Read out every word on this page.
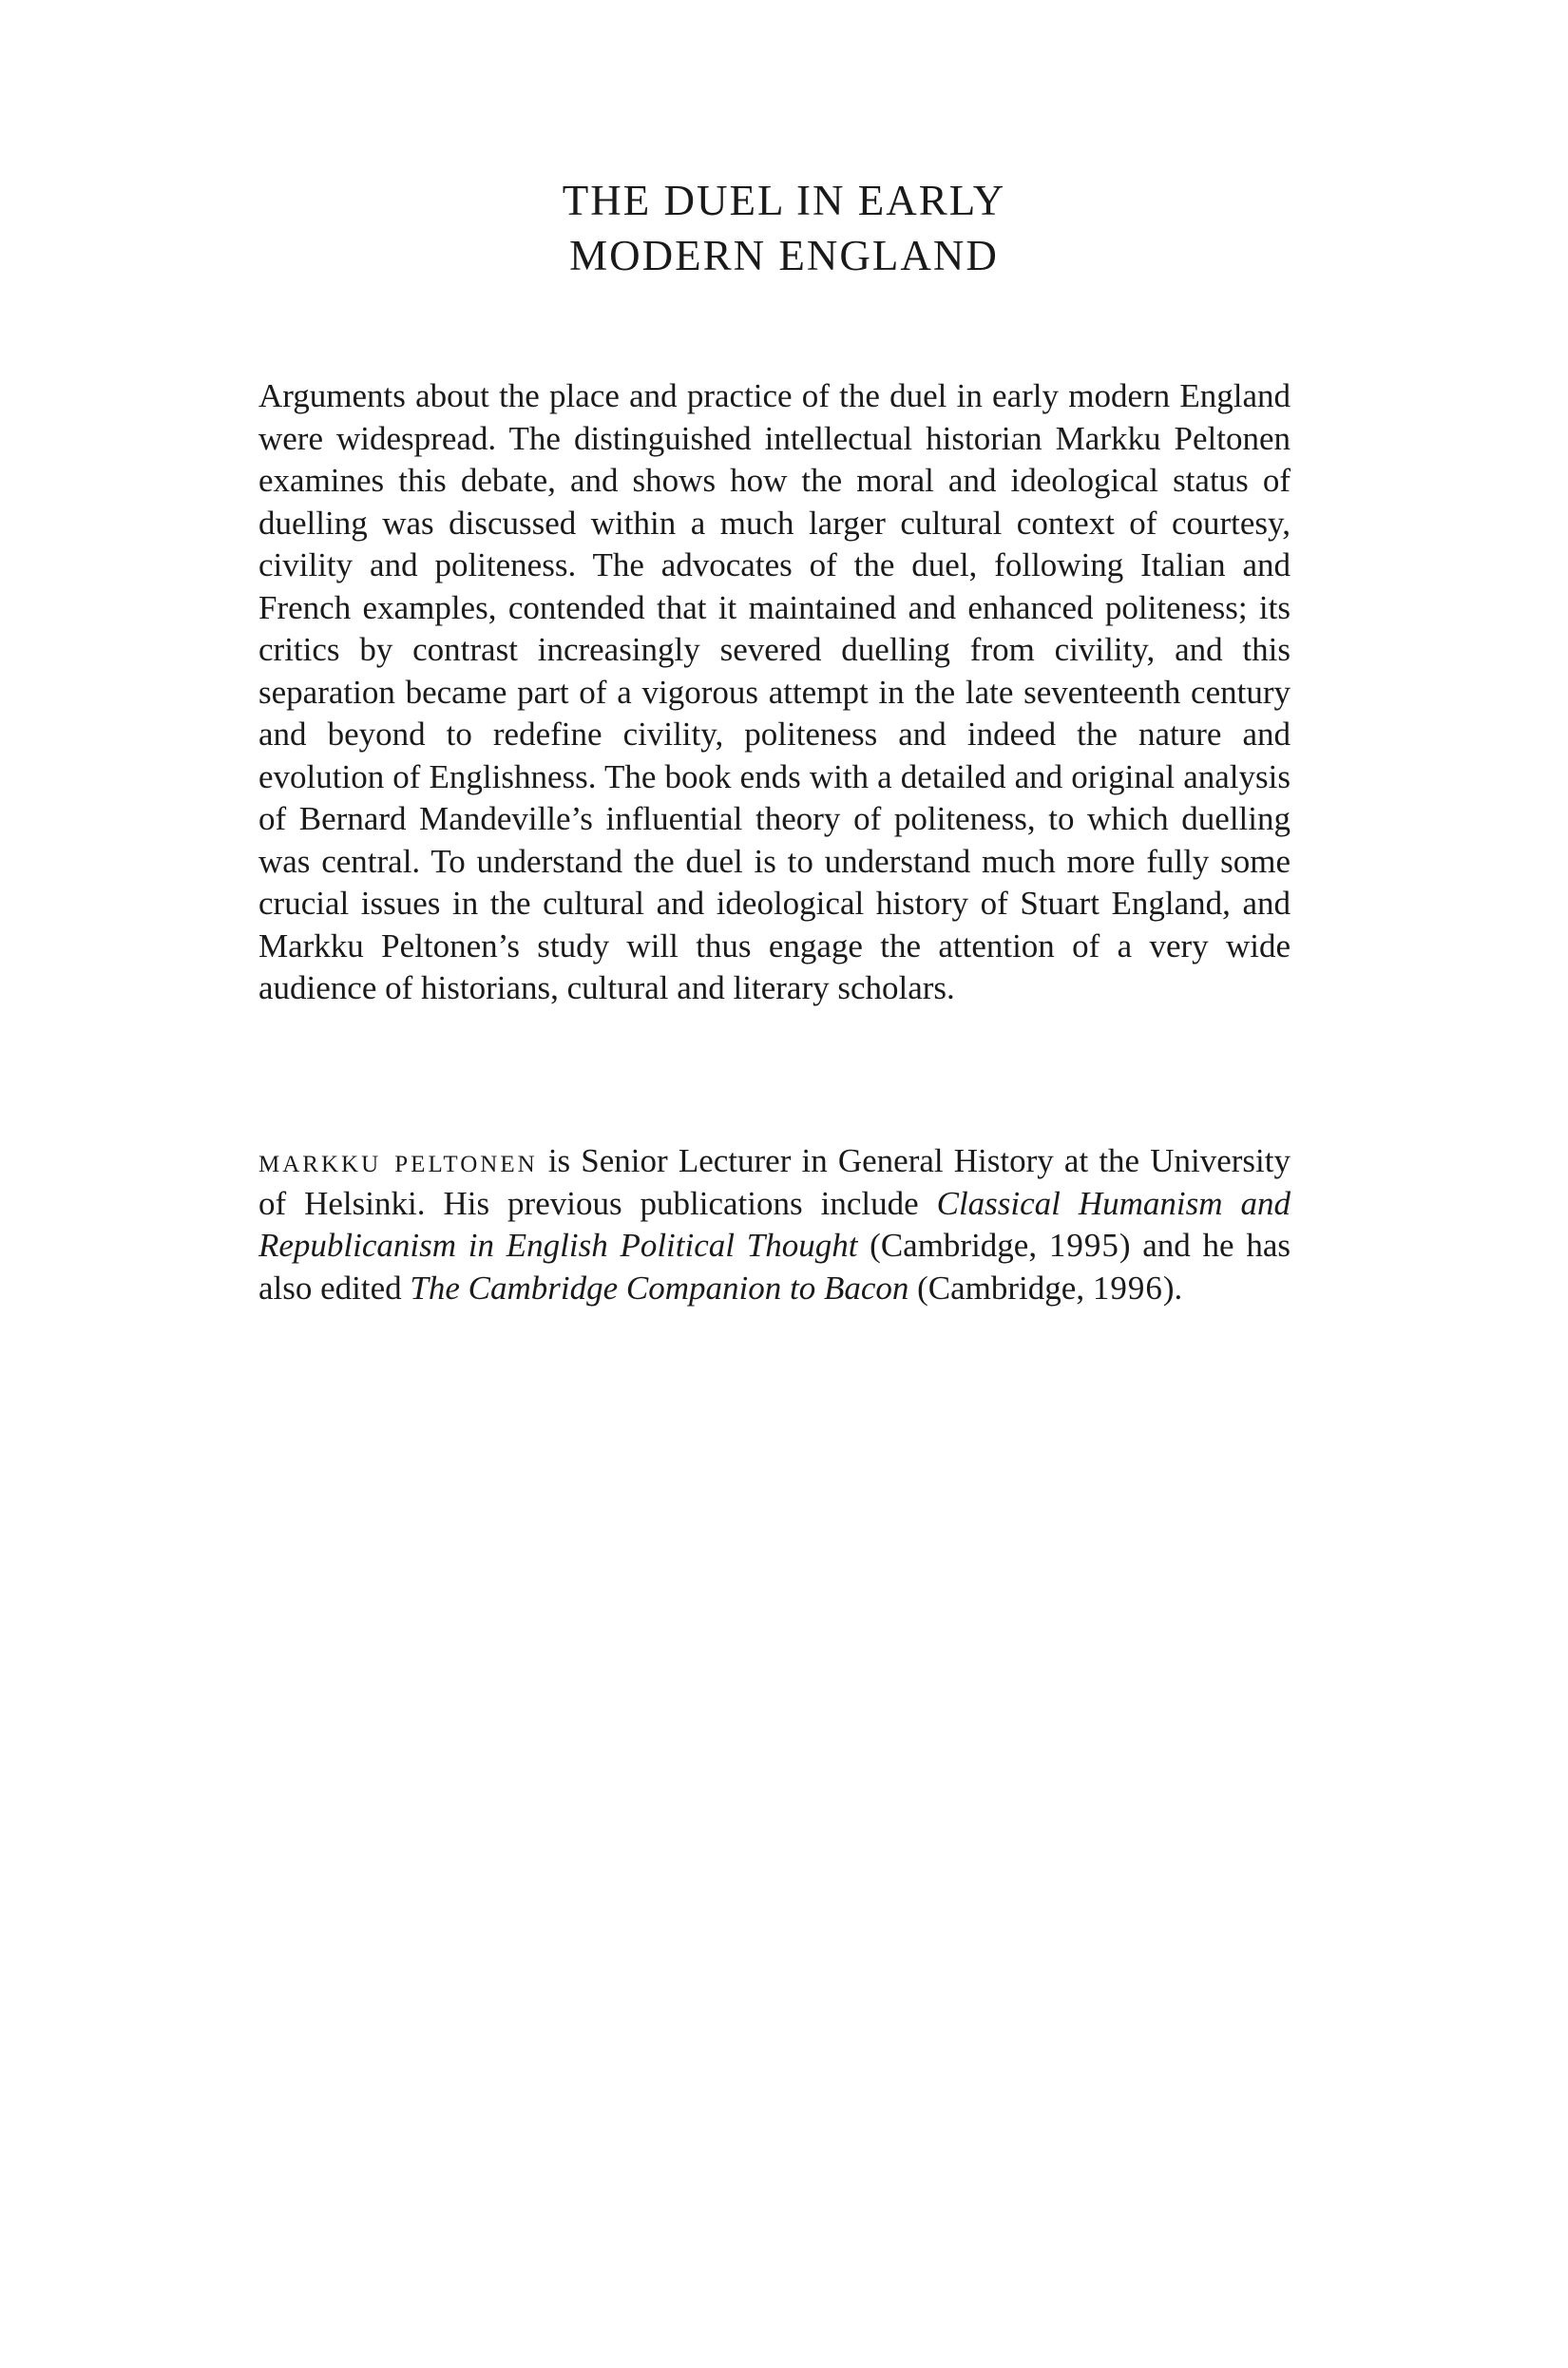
THE DUEL IN EARLY
MODERN ENGLAND

Arguments about the place and practice of the duel in early modern England were widespread. The distinguished intellectual historian Markku Peltonen examines this debate, and shows how the moral and ideological status of duelling was discussed within a much larger cultural context of courtesy, civility and politeness. The advocates of the duel, following Italian and French examples, contended that it maintained and enhanced politeness; its critics by contrast increasingly severed duelling from civility, and this separation became part of a vigorous attempt in the late seventeenth century and beyond to redefine civility, politeness and indeed the nature and evolution of Englishness. The book ends with a detailed and original analysis of Bernard Mandeville’s influential theory of politeness, to which duelling was central. To understand the duel is to understand much more fully some crucial issues in the cultural and ideological history of Stuart England, and Markku Peltonen’s study will thus engage the attention of a very wide audience of historians, cultural and literary scholars.

markku peltonen is Senior Lecturer in General History at the University of Helsinki. His previous publications include Classical Humanism and Republicanism in English Political Thought (Cambridge, 1995) and he has also edited The Cambridge Companion to Bacon (Cambridge, 1996).
